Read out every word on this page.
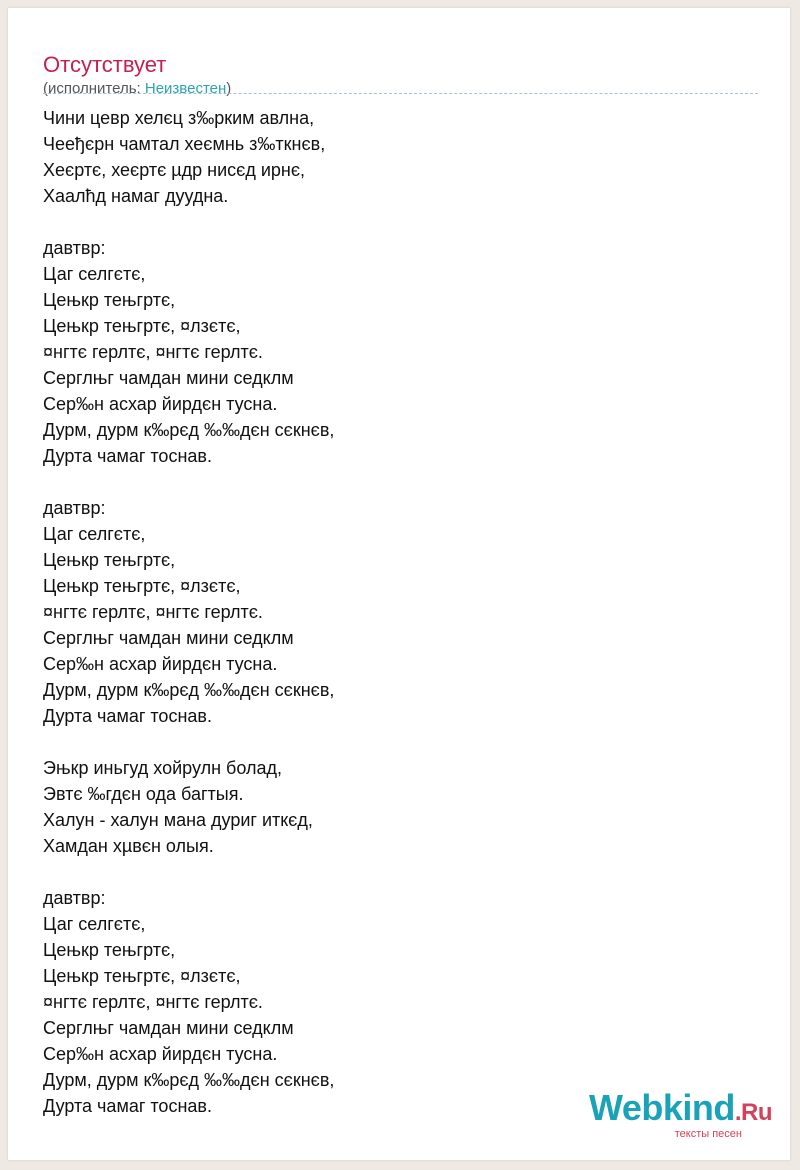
Отсутствует
(исполнитель: Неизвестен)
Чини цевр хелєц з‰рким авлна,
Чееђєрн чамтал хеємнь з‰ткнєв,
Хеєртє, хеєртє µдр нисєд ирнє,
Хаалћд намаг дуудна.
давтвр:
Цаг селгєтє,
Цењкр тењгртє,
Цењкр тењгртє, ¤лзєтє,
¤нгтє герлтє, ¤нгтє герлтє.
Серглњг чамдан мини седклм
Сер‰н асхар йирдєн тусна.
Дурм, дурм к‰рєд ‰‰дєн сєкнєв,
Дурта чамаг тоснав.
давтвр:
Цаг селгєтє,
Цењкр тењгртє,
Цењкр тењгртє, ¤лзєтє,
¤нгтє герлтє, ¤нгтє герлтє.
Серглњг чамдан мини седклм
Сер‰н асхар йирдєн тусна.
Дурм, дурм к‰рєд ‰‰дєн сєкнєв,
Дурта чамаг тоснав.
Эњкр иньгуд хойрулн болад,
Эвтє ‰гдєн ода багтыя.
Халун - халун мана дуриг иткєд,
Хамдан хµвєн олыя.
давтвр:
Цаг селгєтє,
Цењкр тењгртє,
Цењкр тењгртє, ¤лзєтє,
¤нгтє герлтє, ¤нгтє герлтє.
Серглњг чамдан мини седклм
Сер‰н асхар йирдєн тусна.
Дурм, дурм к‰рєд ‰‰дєн сєкнєв,
Дурта чамаг тоснав.	Webkind.Ru
тексты песен
